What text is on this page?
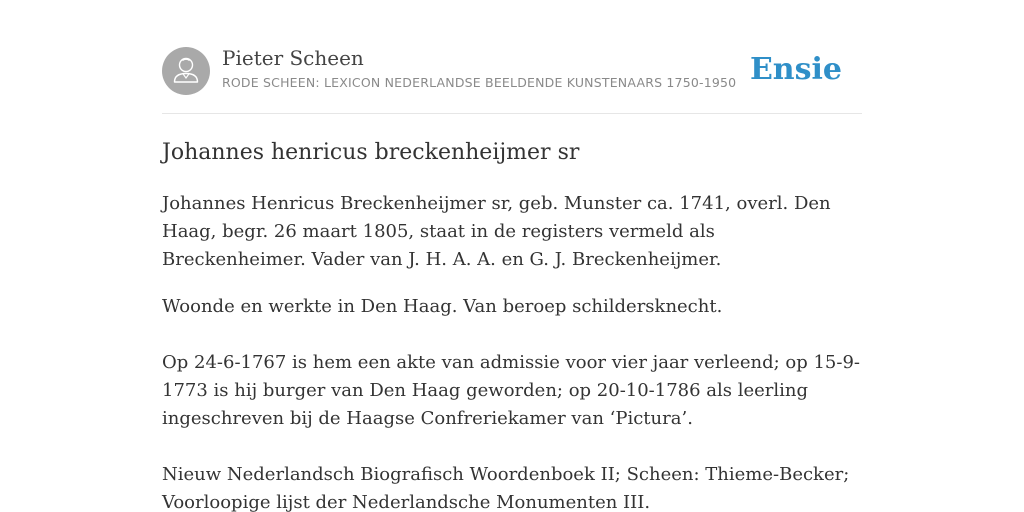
Pieter Scheen
RODE SCHEEN: LEXICON NEDERLANDSE BEELDENDE KUNSTENAARS 1750-1950 Ensie
Johannes henricus breckenheijmer sr

Johannes Henricus Breckenheijmer sr, geb. Munster ca. 1741, overl. Den Haag, begr. 26 maart 1805, staat in de registers vermeld als Breckenheimer. Vader van J. H. A. A. en G. J. Breckenheijmer.

Woonde en werkte in Den Haag. Van beroep schildersknecht.

Op 24-6-1767 is hem een akte van admissie voor vier jaar verleend; op 15-9-1773 is hij burger van Den Haag geworden; op 20-10-1786 als leerling ingeschreven bij de Haagse Confreriekamer van ‘Pictura’.

Nieuw Nederlandsch Biografisch Woordenboek II; Scheen: Thieme-Becker; Voorloopige lijst der Nederlandsche Monumenten III.
